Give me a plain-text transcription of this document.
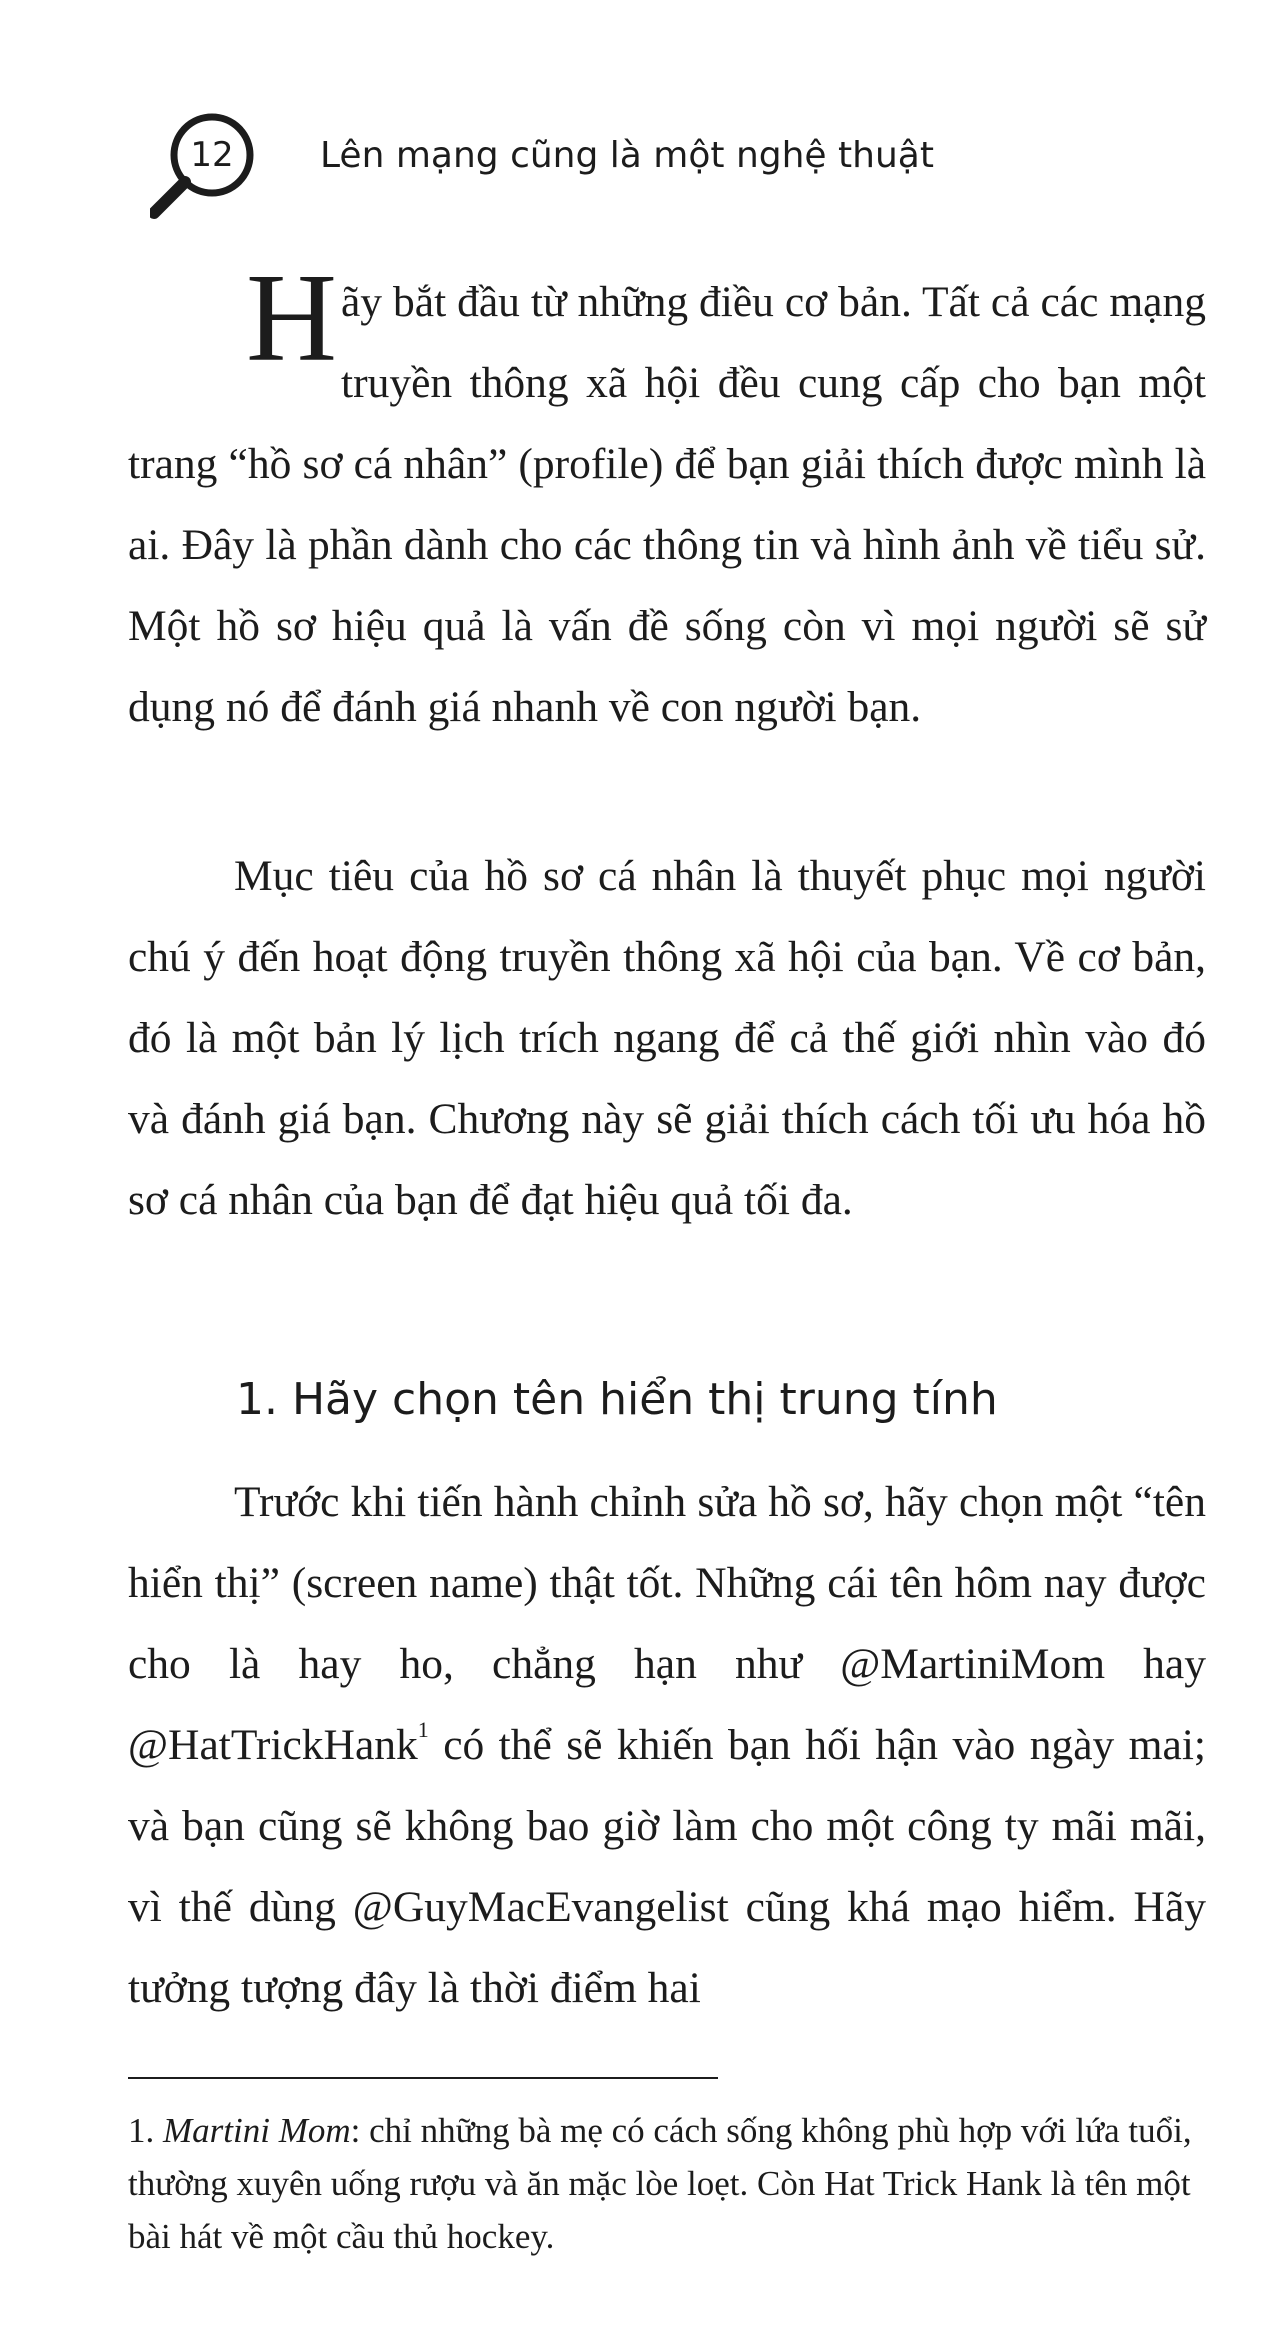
12	Lên mạng cũng là một nghệ thuật

Hãy bắt đầu từ những điều cơ bản. Tất cả các mạng truyền thông xã hội đều cung cấp cho bạn một trang “hồ sơ cá nhân” (profile) để bạn giải thích được mình là ai. Đây là phần dành cho các thông tin và hình ảnh về tiểu sử. Một hồ sơ hiệu quả là vấn đề sống còn vì mọi người sẽ sử dụng nó để đánh giá nhanh về con người bạn.

Mục tiêu của hồ sơ cá nhân là thuyết phục mọi người chú ý đến hoạt động truyền thông xã hội của bạn. Về cơ bản, đó là một bản lý lịch trích ngang để cả thế giới nhìn vào đó và đánh giá bạn. Chương này sẽ giải thích cách tối ưu hóa hồ sơ cá nhân của bạn để đạt hiệu quả tối đa.

1. Hãy chọn tên hiển thị trung tính

Trước khi tiến hành chỉnh sửa hồ sơ, hãy chọn một “tên hiển thị” (screen name) thật tốt. Những cái tên hôm nay được cho là hay ho, chẳng hạn như @MartiniMom hay @HatTrickHank$^1$ có thể sẽ khiến bạn hối hận vào ngày mai; và bạn cũng sẽ không bao giờ làm cho một công ty mãi mãi, vì thế dùng @GuyMacEvangelist cũng khá mạo hiểm. Hãy tưởng tượng đây là thời điểm hai

1. Martini Mom: chỉ những bà mẹ có cách sống không phù hợp với lứa tuổi, thường xuyên uống rượu và ăn mặc lòe loẹt. Còn Hat Trick Hank là tên một bài hát về một cầu thủ hockey.
